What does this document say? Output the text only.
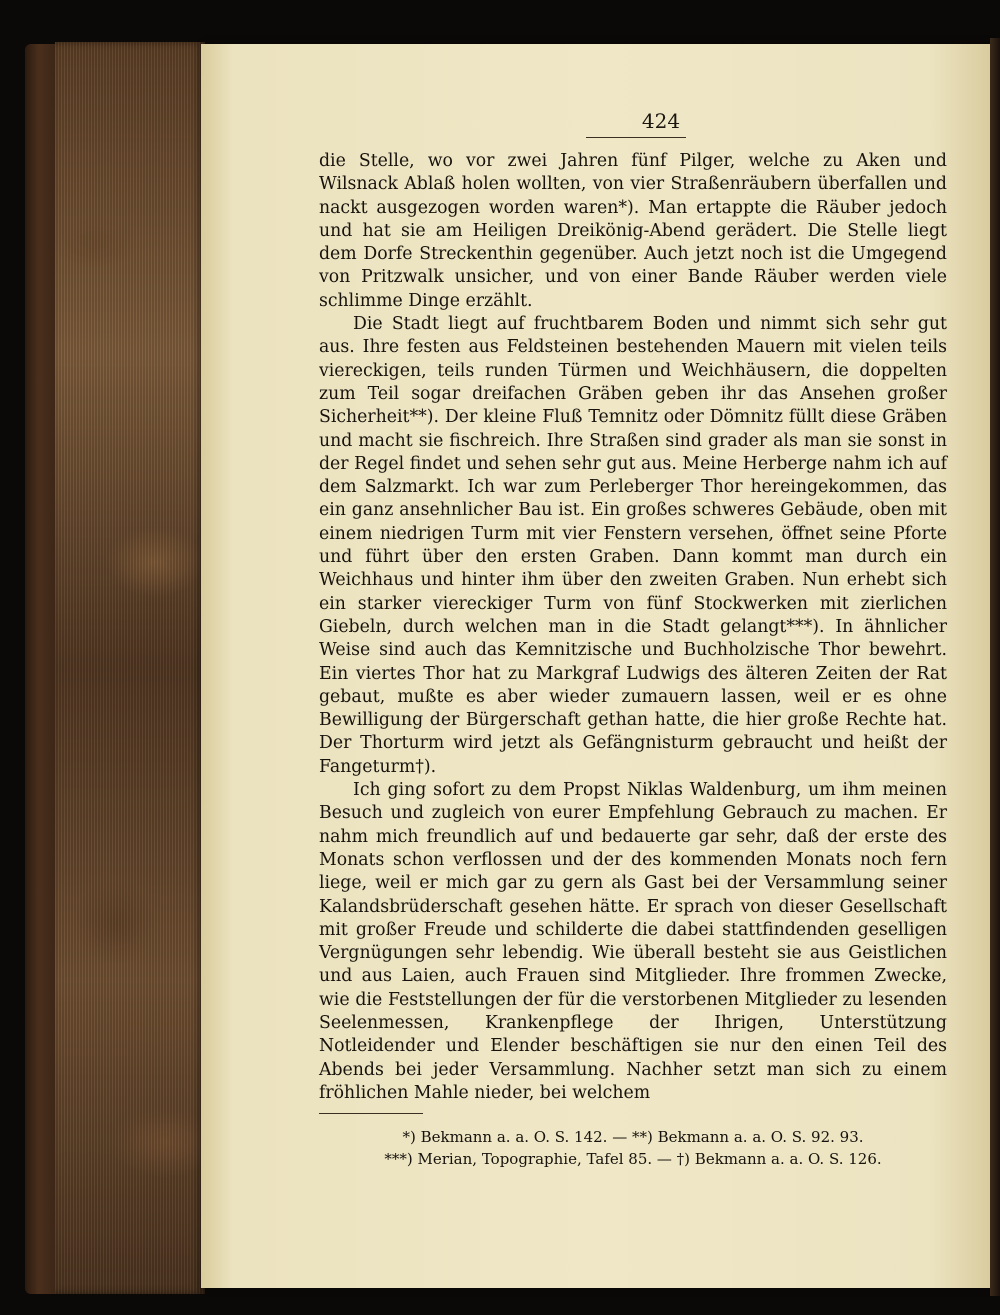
424

die Stelle, wo vor zwei Jahren fünf Pilger, welche zu Aken und Wilsnack Ablaß holen wollten, von vier Straßenräubern überfallen und nackt ausgezogen worden waren*). Man ertappte die Räuber jedoch und hat sie am Heiligen Dreikönig-Abend gerädert. Die Stelle liegt dem Dorfe Streckenthin gegenüber. Auch jetzt noch ist die Umgegend von Pritzwalk unsicher, und von einer Bande Räuber werden viele schlimme Dinge erzählt.

Die Stadt liegt auf fruchtbarem Boden und nimmt sich sehr gut aus. Ihre festen aus Feldsteinen bestehenden Mauern mit vielen teils viereckigen, teils runden Türmen und Weichhäusern, die doppelten zum Teil sogar dreifachen Gräben geben ihr das Ansehen großer Sicherheit**). Der kleine Fluß Temnitz oder Dömnitz füllt diese Gräben und macht sie fischreich. Ihre Straßen sind grader als man sie sonst in der Regel findet und sehen sehr gut aus. Meine Herberge nahm ich auf dem Salzmarkt. Ich war zum Perleberger Thor hereingekommen, das ein ganz ansehnlicher Bau ist. Ein großes schweres Gebäude, oben mit einem niedrigen Turm mit vier Fenstern versehen, öffnet seine Pforte und führt über den ersten Graben. Dann kommt man durch ein Weichhaus und hinter ihm über den zweiten Graben. Nun erhebt sich ein starker viereckiger Turm von fünf Stockwerken mit zierlichen Giebeln, durch welchen man in die Stadt gelangt***). In ähnlicher Weise sind auch das Kemnitzische und Buchholzische Thor bewehrt. Ein viertes Thor hat zu Markgraf Ludwigs des älteren Zeiten der Rat gebaut, mußte es aber wieder zumauern lassen, weil er es ohne Bewilligung der Bürgerschaft gethan hatte, die hier große Rechte hat. Der Thorturm wird jetzt als Gefängnisturm gebraucht und heißt der Fangeturm†).

Ich ging sofort zu dem Propst Niklas Waldenburg, um ihm meinen Besuch und zugleich von eurer Empfehlung Gebrauch zu machen. Er nahm mich freundlich auf und bedauerte gar sehr, daß der erste des Monats schon verflossen und der des kommenden Monats noch fern liege, weil er mich gar zu gern als Gast bei der Versammlung seiner Kalandsbrüderschaft gesehen hätte. Er sprach von dieser Gesellschaft mit großer Freude und schilderte die dabei stattfindenden geselligen Vergnügungen sehr lebendig. Wie überall besteht sie aus Geistlichen und aus Laien, auch Frauen sind Mitglieder. Ihre frommen Zwecke, wie die Feststellungen der für die verstorbenen Mitglieder zu lesenden Seelenmessen, Krankenpflege der Ihrigen, Unterstützung Notleidender und Elender beschäftigen sie nur den einen Teil des Abends bei jeder Versammlung. Nachher setzt man sich zu einem fröhlichen Mahle nieder, bei welchem

*) Bekmann a. a. O. S. 142. — **) Bekmann a. a. O. S. 92. 93.
***) Merian, Topographie, Tafel 85. — †) Bekmann a. a. O. S. 126.
